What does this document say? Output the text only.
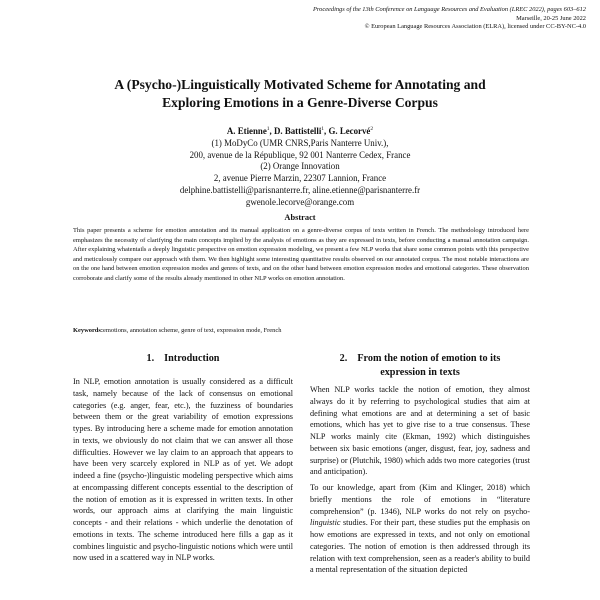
Proceedings of the 13th Conference on Language Resources and Evaluation (LREC 2022), pages 603–612
Marseille, 20-25 June 2022
© European Language Resources Association (ELRA), licensed under CC-BY-NC-4.0
A (Psycho-)Linguistically Motivated Scheme for Annotating and
Exploring Emotions in a Genre-Diverse Corpus
A. Etienne$^1$, D. Battistelli$^1$, G. Lecorvé$^2$
(1) MoDyCo (UMR CNRS,Paris Nanterre Univ.),
200, avenue de la République, 92 001 Nanterre Cedex, France
(2) Orange Innovation
2, avenue Pierre Marzin, 22307 Lannion, France
delphine.battistelli@parisnanterre.fr, aline.etienne@parisnanterre.fr
gwenole.lecorve@orange.com
Abstract
This paper presents a scheme for emotion annotation and its manual application on a genre-diverse corpus of texts written in French. The methodology introduced here emphasizes the necessity of clarifying the main concepts implied by the analysis of emotions as they are expressed in texts, before conducting a manual annotation campaign. After explaining whatentails a deeply linguistic perspective on emotion expression modeling, we present a few NLP works that share some common points with this perspective and meticulously compare our approach with them. We then highlight some interesting quantitative results observed on our annotated corpus. The most notable interactions are on the one hand between emotion expression modes and genres of texts, and on the other hand between emotion expression modes and emotional categories. These observation corroborate and clarify some of the results already mentioned in other NLP works on emotion annotation.
Keywords:emotions, annotation scheme, genre of text, expression mode, French
1. Introduction	2. From the notion of emotion to its
expression in texts

In NLP, emotion annotation is usually considered as a difficult task, namely because of the lack of consensus on emotional categories (e.g. anger, fear, etc.), the fuzziness of boundaries between them or the great variability of emotion expressions types. By introducing here a scheme made for emotion annotation in texts, we obviously do not claim that we can answer all those difficulties. However we lay claim to an approach that appears to have been very scarcely explored in NLP as of yet. We adopt indeed a fine (psycho-)linguistic modeling perspective which aims at encompassing different concepts essential to the description of the notion of emotion as it is expressed in written texts. In other words, our approach aims at clarifying the main linguistic concepts - and their relations - which underlie the denotation of emotions in texts. The scheme introduced here fills a gap as it combines linguistic and psycho-linguistic notions which were until now used in a scattered way in NLP works.

When NLP works tackle the notion of emotion, they almost always do it by referring to psychological studies that aim at defining what emotions are and at determining a set of basic emotions, which has yet to give rise to a true consensus. These NLP works mainly cite (Ekman, 1992) which distinguishes between six basic emotions (anger, disgust, fear, joy, sadness and surprise) or (Plutchik, 1980) which adds two more categories (trust and anticipation).

To our knowledge, apart from (Kim and Klinger, 2018) which briefly mentions the role of emotions in “literature comprehension” (p. 1346), NLP works do not rely on psycho-linguistic studies. For their part, these studies put the emphasis on how emotions are expressed in texts, and not only on emotional categories. The notion of emotion is then addressed through its relation with text comprehension, seen as a reader's ability to build a mental representation of the situation depicted
